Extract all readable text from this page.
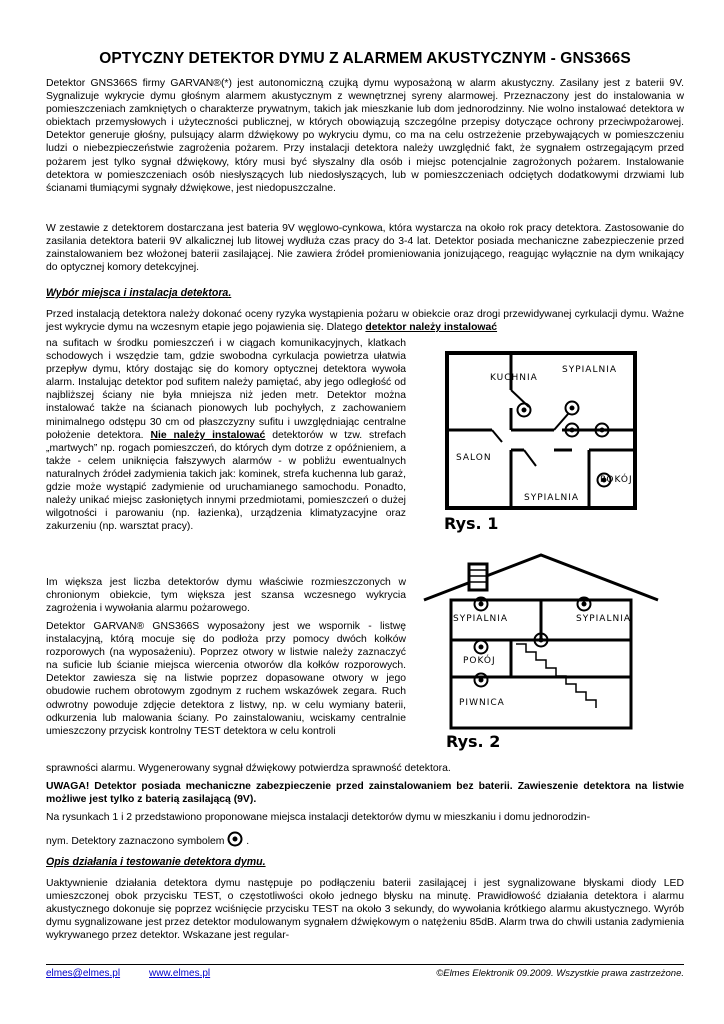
OPTYCZNY DETEKTOR DYMU Z ALARMEM AKUSTYCZNYM - GNS366S

Detektor GNS366S firmy GARVAN®(*) jest autonomiczną czujką dymu wyposażoną w alarm akustyczny. Zasilany jest z baterii 9V. Sygnalizuje wykrycie dymu głośnym alarmem akustycznym z wewnętrznej syreny alarmowej. Przeznaczony jest do instalowania w pomieszczeniach zamkniętych o charakterze prywatnym, takich jak mieszkanie lub dom jednorodzinny. Nie wolno instalować detektora w obiektach przemysłowych i użyteczności publicznej, w których obowiązują szczególne przepisy dotyczące ochrony przeciwpożarowej. Detektor generuje głośny, pulsujący alarm dźwiękowy po wykryciu dymu, co ma na celu ostrzeżenie przebywających w pomieszczeniu ludzi o niebezpieczeństwie zagrożenia pożarem. Przy instalacji detektora należy uwzględnić fakt, że sygnałem ostrzegającym przed pożarem jest tylko sygnał dźwiękowy, który musi być słyszalny dla osób i miejsc potencjalnie zagrożonych pożarem. Instalowanie detektora w pomieszczeniach osób niesłyszących lub niedosłyszących, lub w pomieszczeniach odciętych dodatkowymi drzwiami lub ścianami tłumiącymi sygnały dźwiękowe, jest niedopuszczalne.

W zestawie z detektorem dostarczana jest bateria 9V węglowo-cynkowa, która wystarcza na około rok pracy detektora. Zastosowanie do zasilania detektora baterii 9V alkalicznej lub litowej wydłuża czas pracy do 3-4 lat. Detektor posiada mechaniczne zabezpieczenie przed zainstalowaniem bez włożonej baterii zasilającej. Nie zawiera źródeł promieniowania jonizującego, reagując wyłącznie na dym wnikający do optycznej komory detekcyjnej.

Wybór miejsca i instalacja detektora.

Przed instalacją detektora należy dokonać oceny ryzyka wystąpienia pożaru w obiekcie oraz drogi przewidywanej cyrkulacji dymu. Ważne jest wykrycie dymu na wczesnym etapie jego pojawienia się. Dlatego detektor należy instalować

na sufitach w środku pomieszczeń i w ciągach komunikacyjnych, klatkach schodowych i wszędzie tam, gdzie swobodna cyrkulacja powietrza ułatwia przepływ dymu, który dostając się do komory optycznej detektora wywoła alarm. Instalując detektor pod sufitem należy pamiętać, aby jego odległość od najbliższej ściany nie była mniejsza niż jeden metr. Detektor można instalować także na ścianach pionowych lub pochyłych, z zachowaniem minimalnego odstępu 30 cm od płaszczyzny sufitu i uwzględniając centralne położenie detektora. Nie należy instalować detektorów w tzw. strefach „martwych” np. rogach pomieszczeń, do których dym dotrze z opóźnieniem, a także - celem uniknięcia fałszywych alarmów - w pobliżu ewentualnych naturalnych źródeł zadymienia takich jak: kominek, strefa kuchenna lub garaż, gdzie może wystąpić zadymienie od uruchamianego samochodu. Ponadto, należy unikać miejsc zasłoniętych innymi przedmiotami, pomieszczeń o dużej wilgotności i parowaniu (np. łazienka), urządzenia klimatyzacyjne oraz zakurzeniu (np. warsztat pracy).

Im większa jest liczba detektorów dymu właściwie rozmieszczonych w chronionym obiekcie, tym większa jest szansa wczesnego wykrycia zagrożenia i wywołania alarmu pożarowego.

Detektor GARVAN® GNS366S wyposażony jest we wspornik - listwę instalacyjną, którą mocuje się do podłoża przy pomocy dwóch kołków rozporowych (na wyposażeniu). Poprzez otwory w listwie należy zaznaczyć na suficie lub ścianie miejsca wiercenia otworów dla kołków rozporowych. Detektor zawiesza się na listwie poprzez dopasowane otwory w jego obudowie ruchem obrotowym zgodnym z ruchem wskazówek zegara. Ruch odwrotny powoduje zdjęcie detektora z listwy, np. w celu wymiany baterii, odkurzenia lub malowania ściany. Po zainstalowaniu, wciskamy centralnie umieszczony przycisk kontrolny TEST detektora w celu kontroli

sprawności alarmu. Wygenerowany sygnał dźwiękowy potwierdza sprawność detektora.

UWAGA! Detektor posiada mechaniczne zabezpieczenie przed zainstalowaniem bez baterii. Zawieszenie detektora na listwie możliwe jest tylko z baterią zasilającą (9V).

Na rysunkach 1 i 2 przedstawiono proponowane miejsca instalacji detektorów dymu w mieszkaniu i domu jednorodzin-

nym. Detektory zaznaczono symbolem .

Opis działania i testowanie detektora dymu.

Uaktywnienie działania detektora dymu następuje po podłączeniu baterii zasilającej i jest sygnalizowane błyskami diody LED umieszczonej obok przycisku TEST, o częstotliwości około jednego błysku na minutę. Prawidłowość działania detektora i alarmu akustycznego dokonuje się poprzez wciśnięcie przycisku TEST na około 3 sekundy, do wywołania krótkiego alarmu akustycznego. Wyrób dymu sygnalizowane jest przez detektor modulowanym sygnałem dźwiękowym o natężeniu 85dB. Alarm trwa do chwili ustania zadymienia wykrywanego przez detektor. Wskazane jest regular-

elmes@elmes.pl	www.elmes.pl	©Elmes Elektronik 09.2009. Wszystkie prawa zastrzeżone.
KUCHNIA
SYPIALNIA
SALON
POKÓJ
SYPIALNIA
Rys. 1
SYPIALNIA	SYPIALNIA
POKÓJ
PIWNICA
Rys. 2
